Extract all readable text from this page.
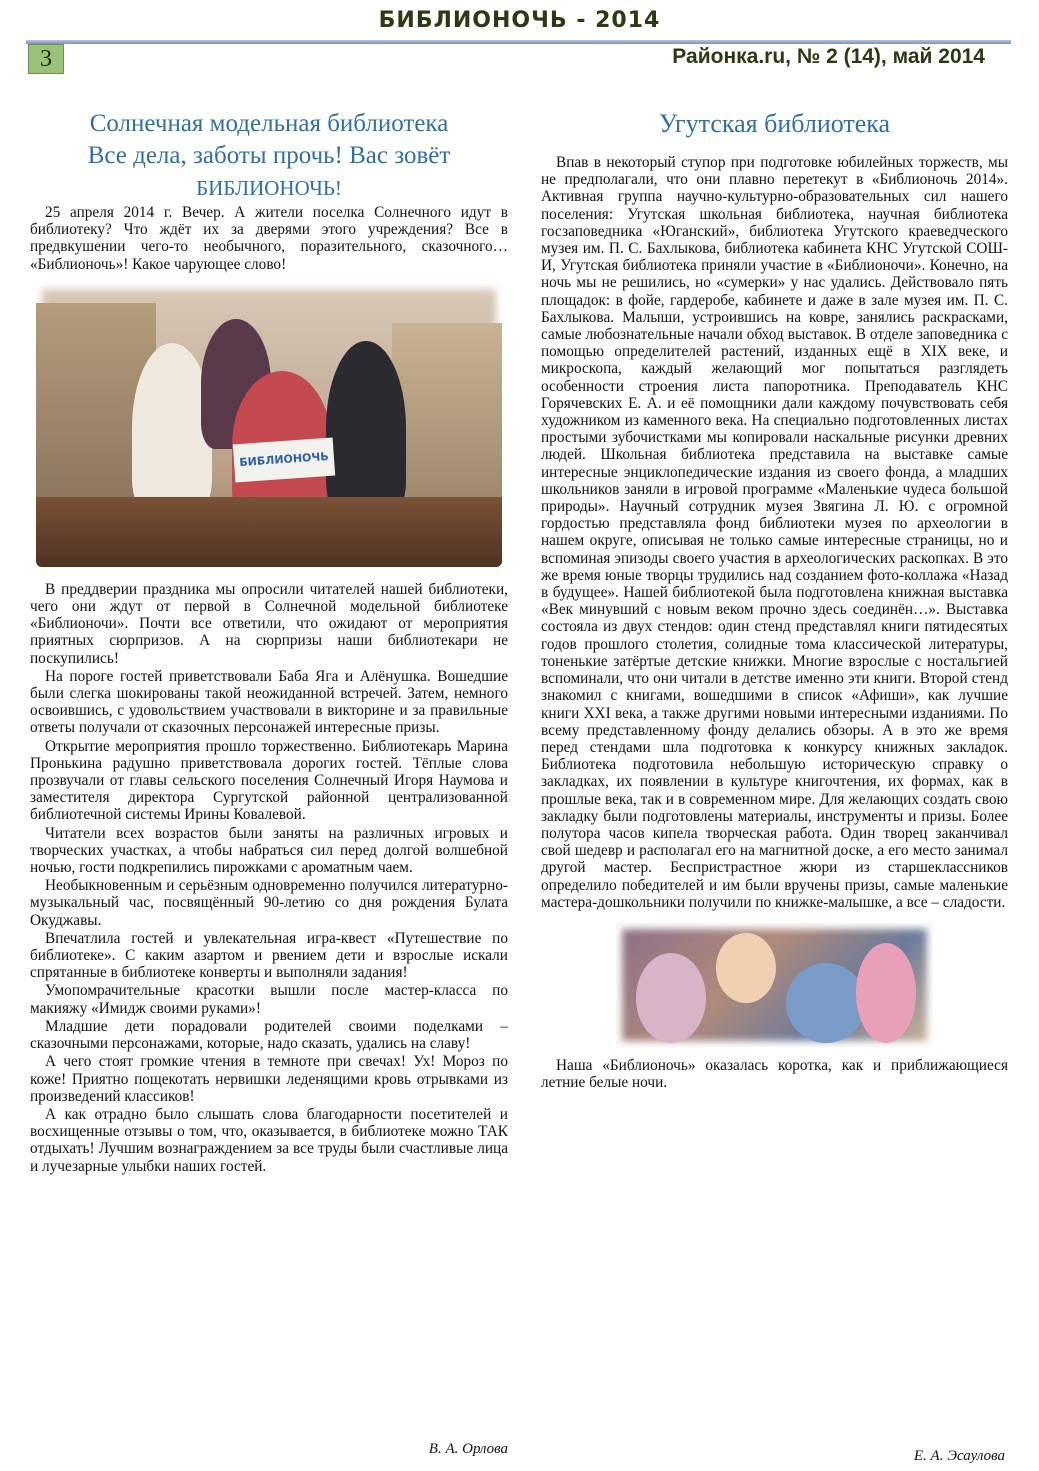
БИБЛИОНОЧЬ - 2014
3	Районка.ru, № 2 (14), май 2014
Солнечная модельная библиотека
Все дела, заботы прочь! Вас зовёт
БИБЛИОНОЧЬ!

25 апреля 2014 г. Вечер. А жители поселка Солнечного идут в библиотеку? Что ждёт их за дверями этого учреждения? Все в предвкушении чего-то необычного, поразительного, сказочного… «Библионочь»! Какое чарующее слово!

БИБЛИОНОЧЬ

В преддверии праздника мы опросили читателей нашей библиотеки, чего они ждут от первой в Солнечной модельной библиотеке «Библионочи». Почти все ответили, что ожидают от мероприятия приятных сюрпризов. А на сюрпризы наши библиотекари не поскупились!

На пороге гостей приветствовали Баба Яга и Алёнушка. Вошедшие были слегка шокированы такой неожиданной встречей. Затем, немного освоившись, с удовольствием участвовали в викторине и за правильные ответы получали от сказочных персонажей интересные призы.

Открытие мероприятия прошло торжественно. Библиотекарь Марина Пронькина радушно приветствовала дорогих гостей. Тёплые слова прозвучали от главы сельского поселения Солнечный Игоря Наумова и заместителя директора Сургутской районной централизованной библиотечной системы Ирины Ковалевой.

Читатели всех возрастов были заняты на различных игровых и творческих участках, а чтобы набраться сил перед долгой волшебной ночью, гости подкрепились пирожками с ароматным чаем.

Необыкновенным и серьёзным одновременно получился литературно-музыкальный час, посвящённый 90-летию со дня рождения Булата Окуджавы.

Впечатлила гостей и увлекательная игра-квест «Путешествие по библиотеке». С каким азартом и рвением дети и взрослые искали спрятанные в библиотеке конверты и выполняли задания!

Умопомрачительные красотки вышли после мастер-класса по макияжу «Имидж своими руками»!

Младшие дети порадовали родителей своими поделками – сказочными персонажами, которые, надо сказать, удались на славу!

А чего стоят громкие чтения в темноте при свечах! Ух! Мороз по коже! Приятно пощекотать нервишки леденящими кровь отрывками из произведений классиков!

А как отрадно было слышать слова благодарности посетителей и восхищенные отзывы о том, что, оказывается, в библиотеке можно ТАК отдыхать! Лучшим вознаграждением за все труды были счастливые лица и лучезарные улыбки наших гостей.

В. А. Орлова
Угутская библиотека

Впав в некоторый ступор при подготовке юбилейных торжеств, мы не предполагали, что они плавно перетекут в «Библионочь 2014». Активная группа научно-культурно-образовательных сил нашего поселения: Угутская школьная библиотека, научная библиотека госзаповедника «Юганский», библиотека Угутского краеведческого музея им. П. С. Бахлыкова, библиотека кабинета КНС Угутской СОШ-И, Угутская библиотека приняли участие в «Библионочи». Конечно, на ночь мы не решились, но «сумерки» у нас удались. Действовало пять площадок: в фойе, гардеробе, кабинете и даже в зале музея им. П. С. Бахлыкова. Малыши, устроившись на ковре, занялись раскрасками, самые любознательные начали обход выставок. В отделе заповедника с помощью определителей растений, изданных ещё в XIX веке, и микроскопа, каждый желающий мог попытаться разглядеть особенности строения листа папоротника. Преподаватель КНС Горячевских Е. А. и её помощники дали каждому почувствовать себя художником из каменного века. На специально подготовленных листах простыми зубочистками мы копировали наскальные рисунки древних людей. Школьная библиотека представила на выставке самые интересные энциклопедические издания из своего фонда, а младших школьников заняли в игровой программе «Маленькие чудеса большой природы». Научный сотрудник музея Звягина Л. Ю. с огромной гордостью представляла фонд библиотеки музея по археологии в нашем округе, описывая не только самые интересные страницы, но и вспоминая эпизоды своего участия в археологических раскопках. В это же время юные творцы трудились над созданием фото-коллажа «Назад в будущее». Нашей библиотекой была подготовлена книжная выставка «Век минувший с новым веком прочно здесь соединён…». Выставка состояла из двух стендов: один стенд представлял книги пятидесятых годов прошлого столетия, солидные тома классической литературы, тоненькие затёртые детские книжки. Многие взрослые с ностальгией вспоминали, что они читали в детстве именно эти книги. Второй стенд знакомил с книгами, вошедшими в список «Афиши», как лучшие книги XXI века, а также другими новыми интересными изданиями. По всему представленному фонду делались обзоры. А в это же время перед стендами шла подготовка к конкурсу книжных закладок. Библиотека подготовила небольшую историческую справку о закладках, их появлении в культуре книгочтения, их формах, как в прошлые века, так и в современном мире. Для желающих создать свою закладку были подготовлены материалы, инструменты и призы. Более полутора часов кипела творческая работа. Один творец заканчивал свой шедевр и располагал его на магнитной доске, а его место занимал другой мастер. Беспристрастное жюри из старшеклассников определило победителей и им были вручены призы, самые маленькие мастера-дошкольники получили по книжке-малышке, а все – сладости.

Наша «Библионочь» оказалась коротка, как и приближающиеся летние белые ночи.

Е. А. Эсаулова
